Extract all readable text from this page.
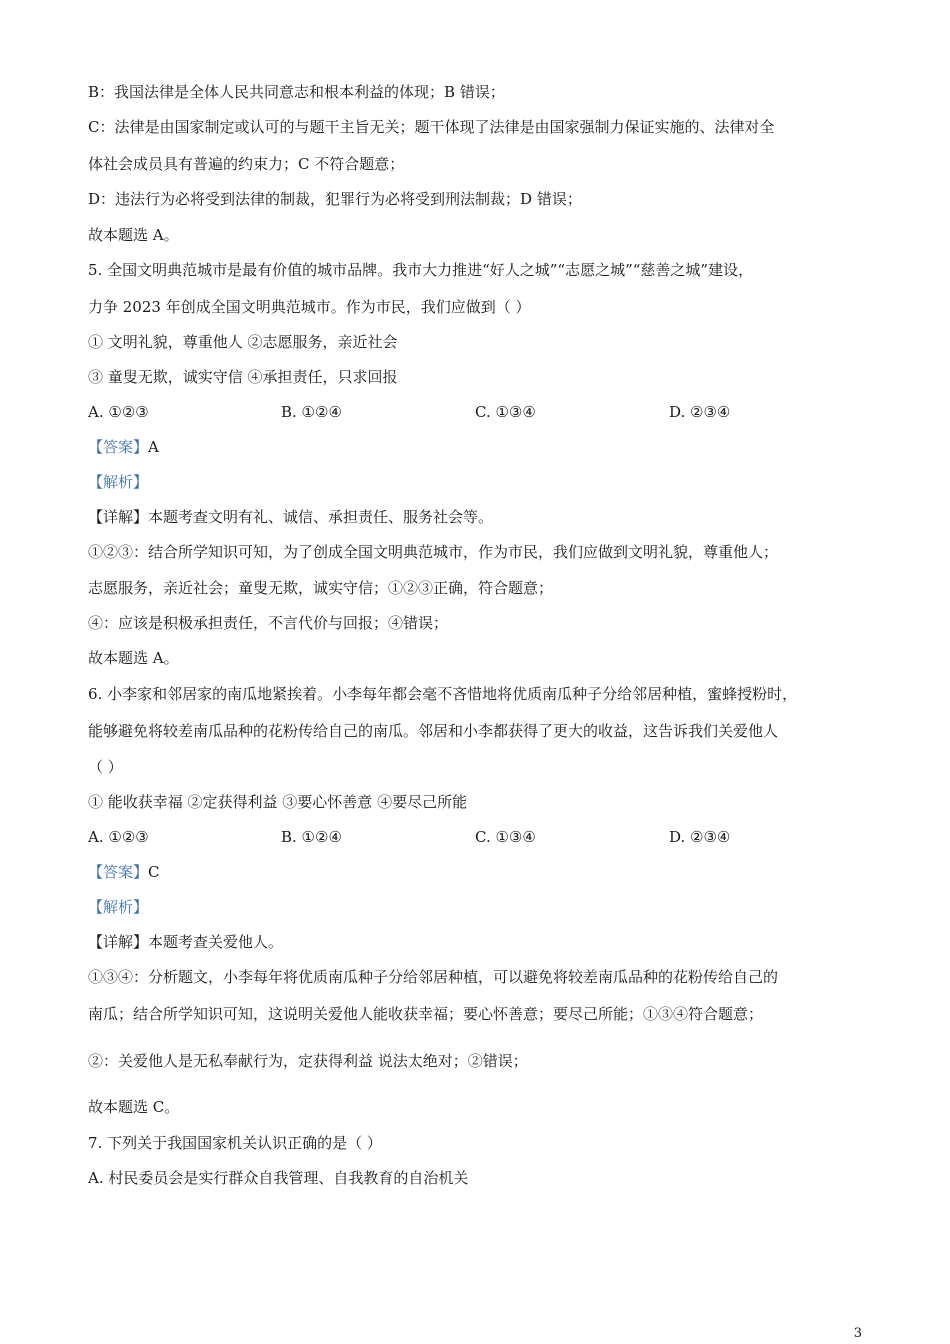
B：我国法律是全体人民共同意志和根本利益的体现；B 错误；
C：法律是由国家制定或认可的与题干主旨无关；题干体现了法律是由国家强制力保证实施的、法律对全
体社会成员具有普遍的约束力；C 不符合题意；
D：违法行为必将受到法律的制裁，犯罪行为必将受到刑法制裁；D 错误；
故本题选 A。
5. 全国文明典范城市是最有价值的城市品牌。我市大力推进“好人之城”“志愿之城”“慈善之城”建设，
力争 2023 年创成全国文明典范城市。作为市民，我们应做到（ ）
① 文明礼貌，尊重他人 ②志愿服务，亲近社会
③ 童叟无欺，诚实守信 ④承担责任，只求回报
A. ①②③	B. ①②④	C. ①③④	D. ②③④
【答案】A
【解析】
【详解】本题考查文明有礼、诚信、承担责任、服务社会等。
①②③：结合所学知识可知，为了创成全国文明典范城市，作为市民，我们应做到文明礼貌，尊重他人；
志愿服务，亲近社会；童叟无欺，诚实守信；①②③正确，符合题意；
④：应该是积极承担责任，不言代价与回报；④错误；
故本题选 A。
6. 小李家和邻居家的南瓜地紧挨着。小李每年都会毫不吝惜地将优质南瓜种子分给邻居种植，蜜蜂授粉时，
能够避免将较差南瓜品种的花粉传给自己的南瓜。邻居和小李都获得了更大的收益，这告诉我们关爱他人
（ ）
① 能收获幸福 ②定获得利益 ③要心怀善意 ④要尽己所能
A. ①②③	B. ①②④	C. ①③④	D. ②③④
【答案】C
【解析】
【详解】本题考查关爱他人。
①③④：分析题文，小李每年将优质南瓜种子分给邻居种植，可以避免将较差南瓜品种的花粉传给自己的
南瓜；结合所学知识可知，这说明关爱他人能收获幸福；要心怀善意；要尽己所能；①③④符合题意；
②：关爱他人是无私奉献行为，定获得利益 说法太绝对；②错误；
故本题选 C。
7. 下列关于我国国家机关认识正确的是（ ）
A. 村民委员会是实行群众自我管理、自我教育的自治机关
3
